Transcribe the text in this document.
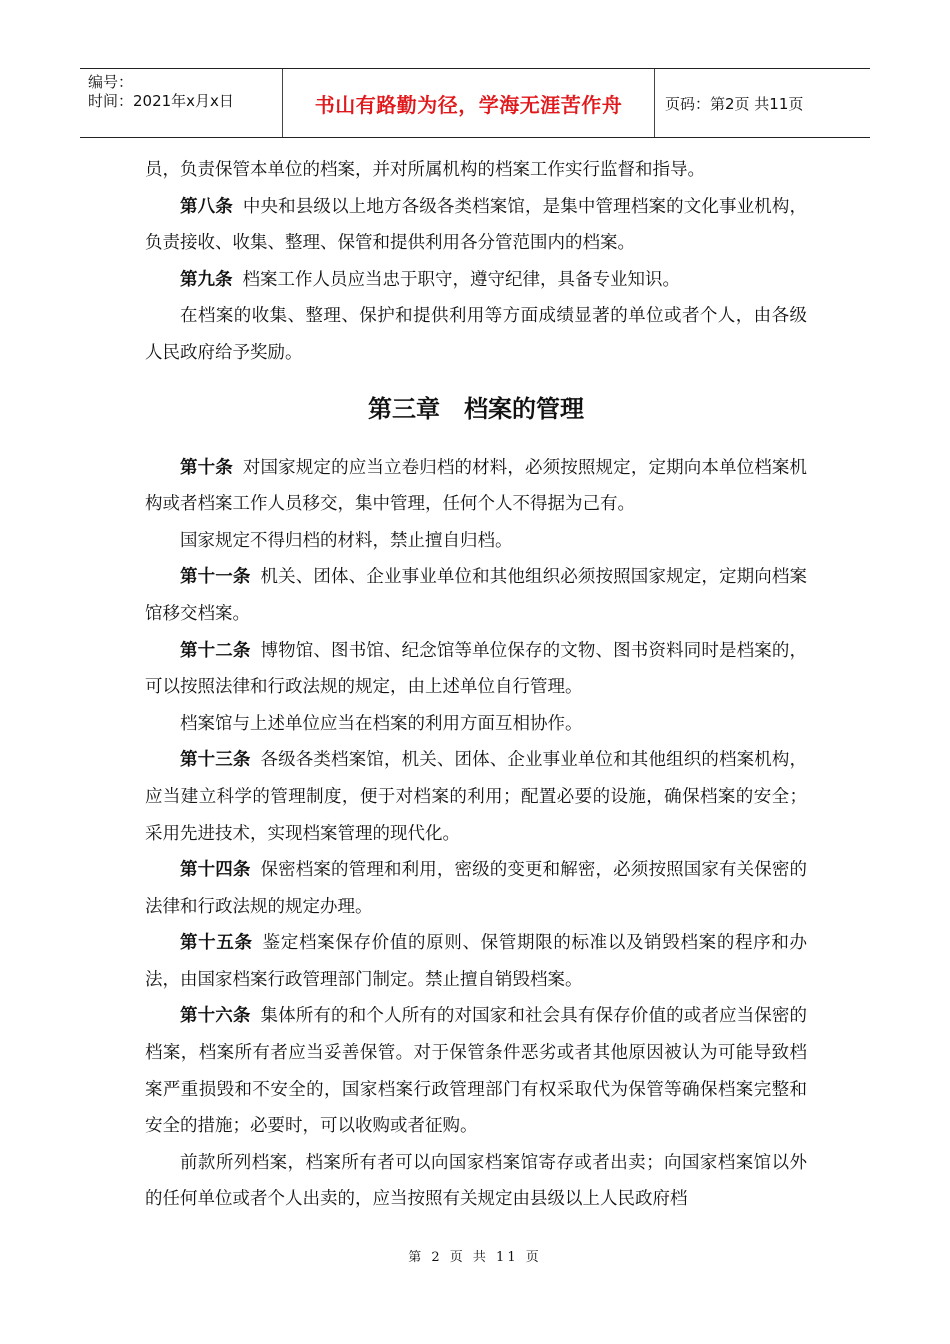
编号：
时间：2021年x月x日	书山有路勤为径，学海无涯苦作舟	页码：第2页 共11页

员，负责保管本单位的档案，并对所属机构的档案工作实行监督和指导。

第八条 中央和县级以上地方各级各类档案馆，是集中管理档案的文化事业机构，负责接收、收集、整理、保管和提供利用各分管范围内的档案。

第九条 档案工作人员应当忠于职守，遵守纪律，具备专业知识。

在档案的收集、整理、保护和提供利用等方面成绩显著的单位或者个人，由各级人民政府给予奖励。

第三章　档案的管理

第十条 对国家规定的应当立卷归档的材料，必须按照规定，定期向本单位档案机构或者档案工作人员移交，集中管理，任何个人不得据为己有。

国家规定不得归档的材料，禁止擅自归档。

第十一条 机关、团体、企业事业单位和其他组织必须按照国家规定，定期向档案馆移交档案。

第十二条 博物馆、图书馆、纪念馆等单位保存的文物、图书资料同时是档案的，可以按照法律和行政法规的规定，由上述单位自行管理。

档案馆与上述单位应当在档案的利用方面互相协作。

第十三条 各级各类档案馆，机关、团体、企业事业单位和其他组织的档案机构，应当建立科学的管理制度，便于对档案的利用；配置必要的设施，确保档案的安全；采用先进技术，实现档案管理的现代化。

第十四条 保密档案的管理和利用，密级的变更和解密，必须按照国家有关保密的法律和行政法规的规定办理。

第十五条 鉴定档案保存价值的原则、保管期限的标准以及销毁档案的程序和办法，由国家档案行政管理部门制定。禁止擅自销毁档案。

第十六条 集体所有的和个人所有的对国家和社会具有保存价值的或者应当保密的档案，档案所有者应当妥善保管。对于保管条件恶劣或者其他原因被认为可能导致档案严重损毁和不安全的，国家档案行政管理部门有权采取代为保管等确保档案完整和安全的措施；必要时，可以收购或者征购。

前款所列档案，档案所有者可以向国家档案馆寄存或者出卖；向国家档案馆以外的任何单位或者个人出卖的，应当按照有关规定由县级以上人民政府档

第 2 页 共 11 页
